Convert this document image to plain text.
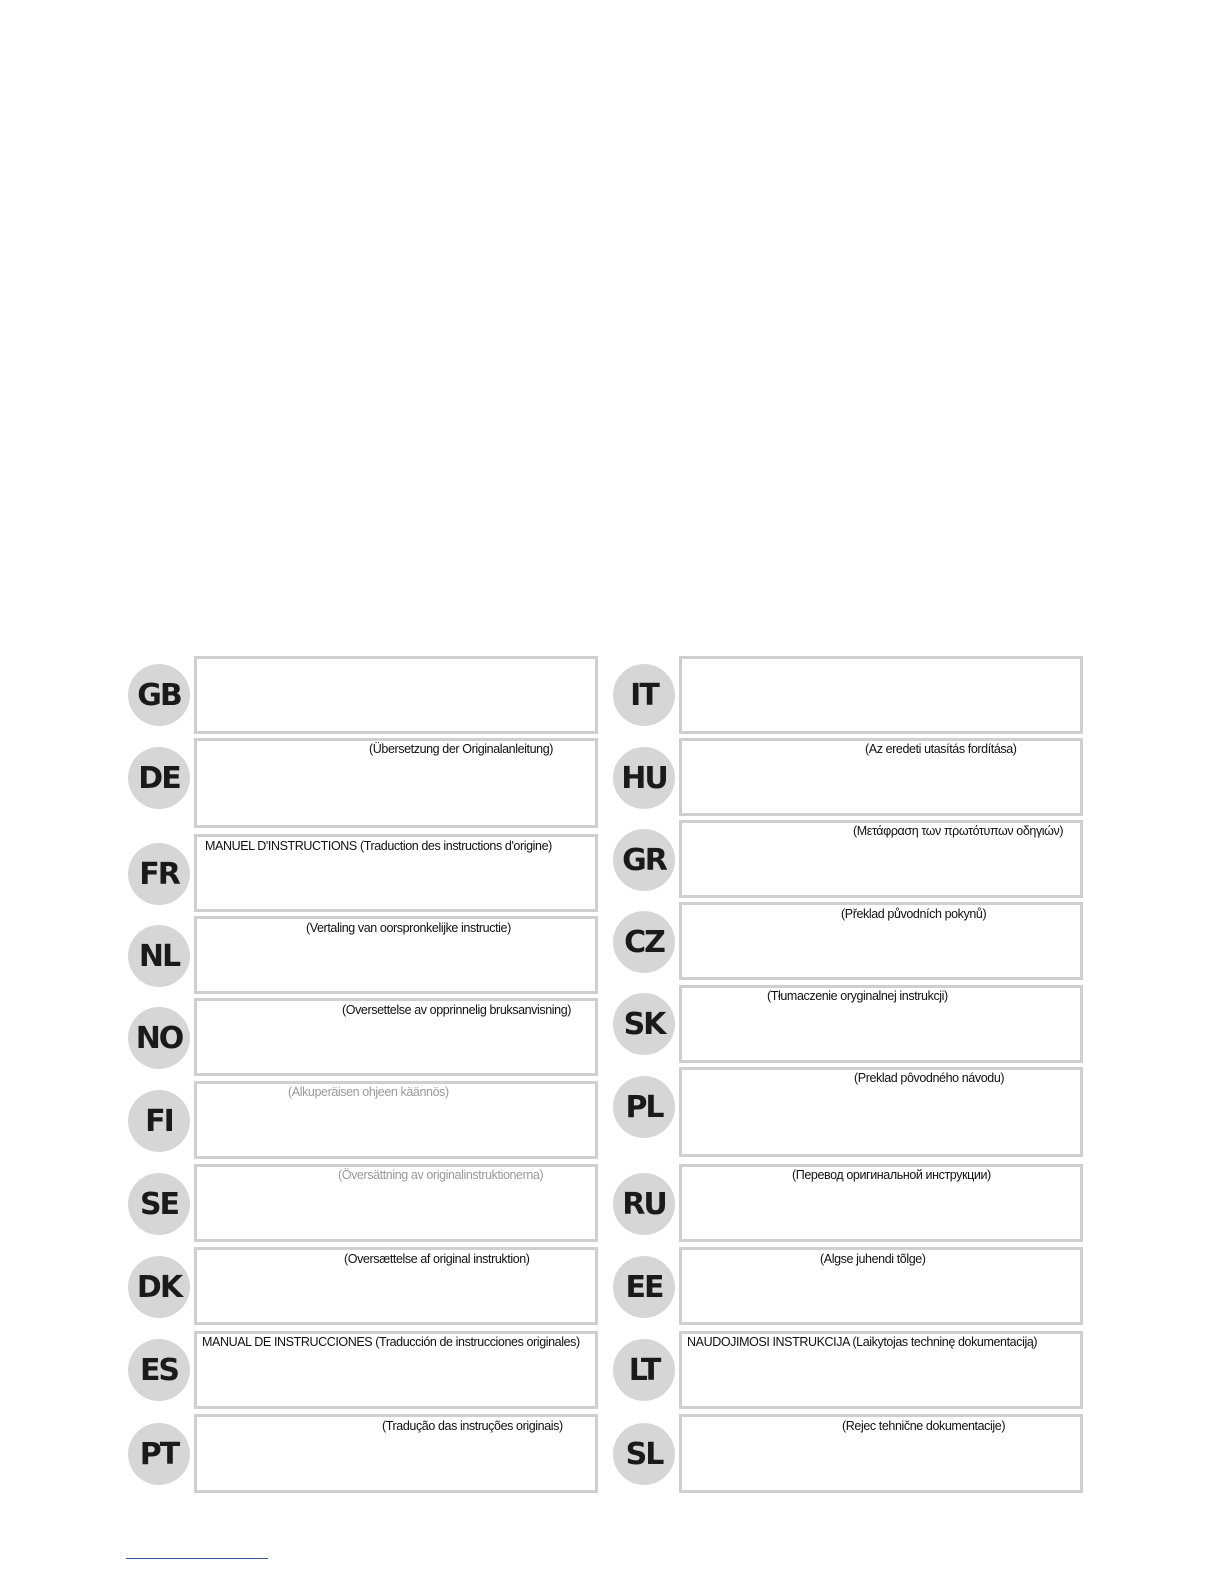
GB
DE
(Übersetzung der Originalanleitung)
FR
MANUEL D'INSTRUCTIONS (Traduction des instructions d'origine)
NL
(Vertaling van oorspronkelijke instructie)
NO
(Oversettelse av opprinnelig bruksanvisning)
FI
(Alkuperäisen ohjeen käännös)
SE
(Översättning av originalinstruktionerna)
DK
(Oversættelse af original instruktion)
ES
MANUAL DE INSTRUCCIONES (Traducción de instrucciones originales)
PT
(Tradução das instruções originais)
IT
HU
(Az eredeti utasítás fordítása)
GR
(Μετάφραση των πρωτότυπων οδηγιών)
CZ
(Překlad původních pokynů)
SK
(Tłumaczenie oryginalnej instrukcji)
PL
(Preklad pôvodného návodu)
RU
(Перевод оригинальной инструкции)
EE
(Algse juhendi tõlge)
LT
NAUDOJIMOSI INSTRUKCIJA (Laikytojas techninę dokumentaciją)
SL
(Rejec tehnične dokumentacije)
